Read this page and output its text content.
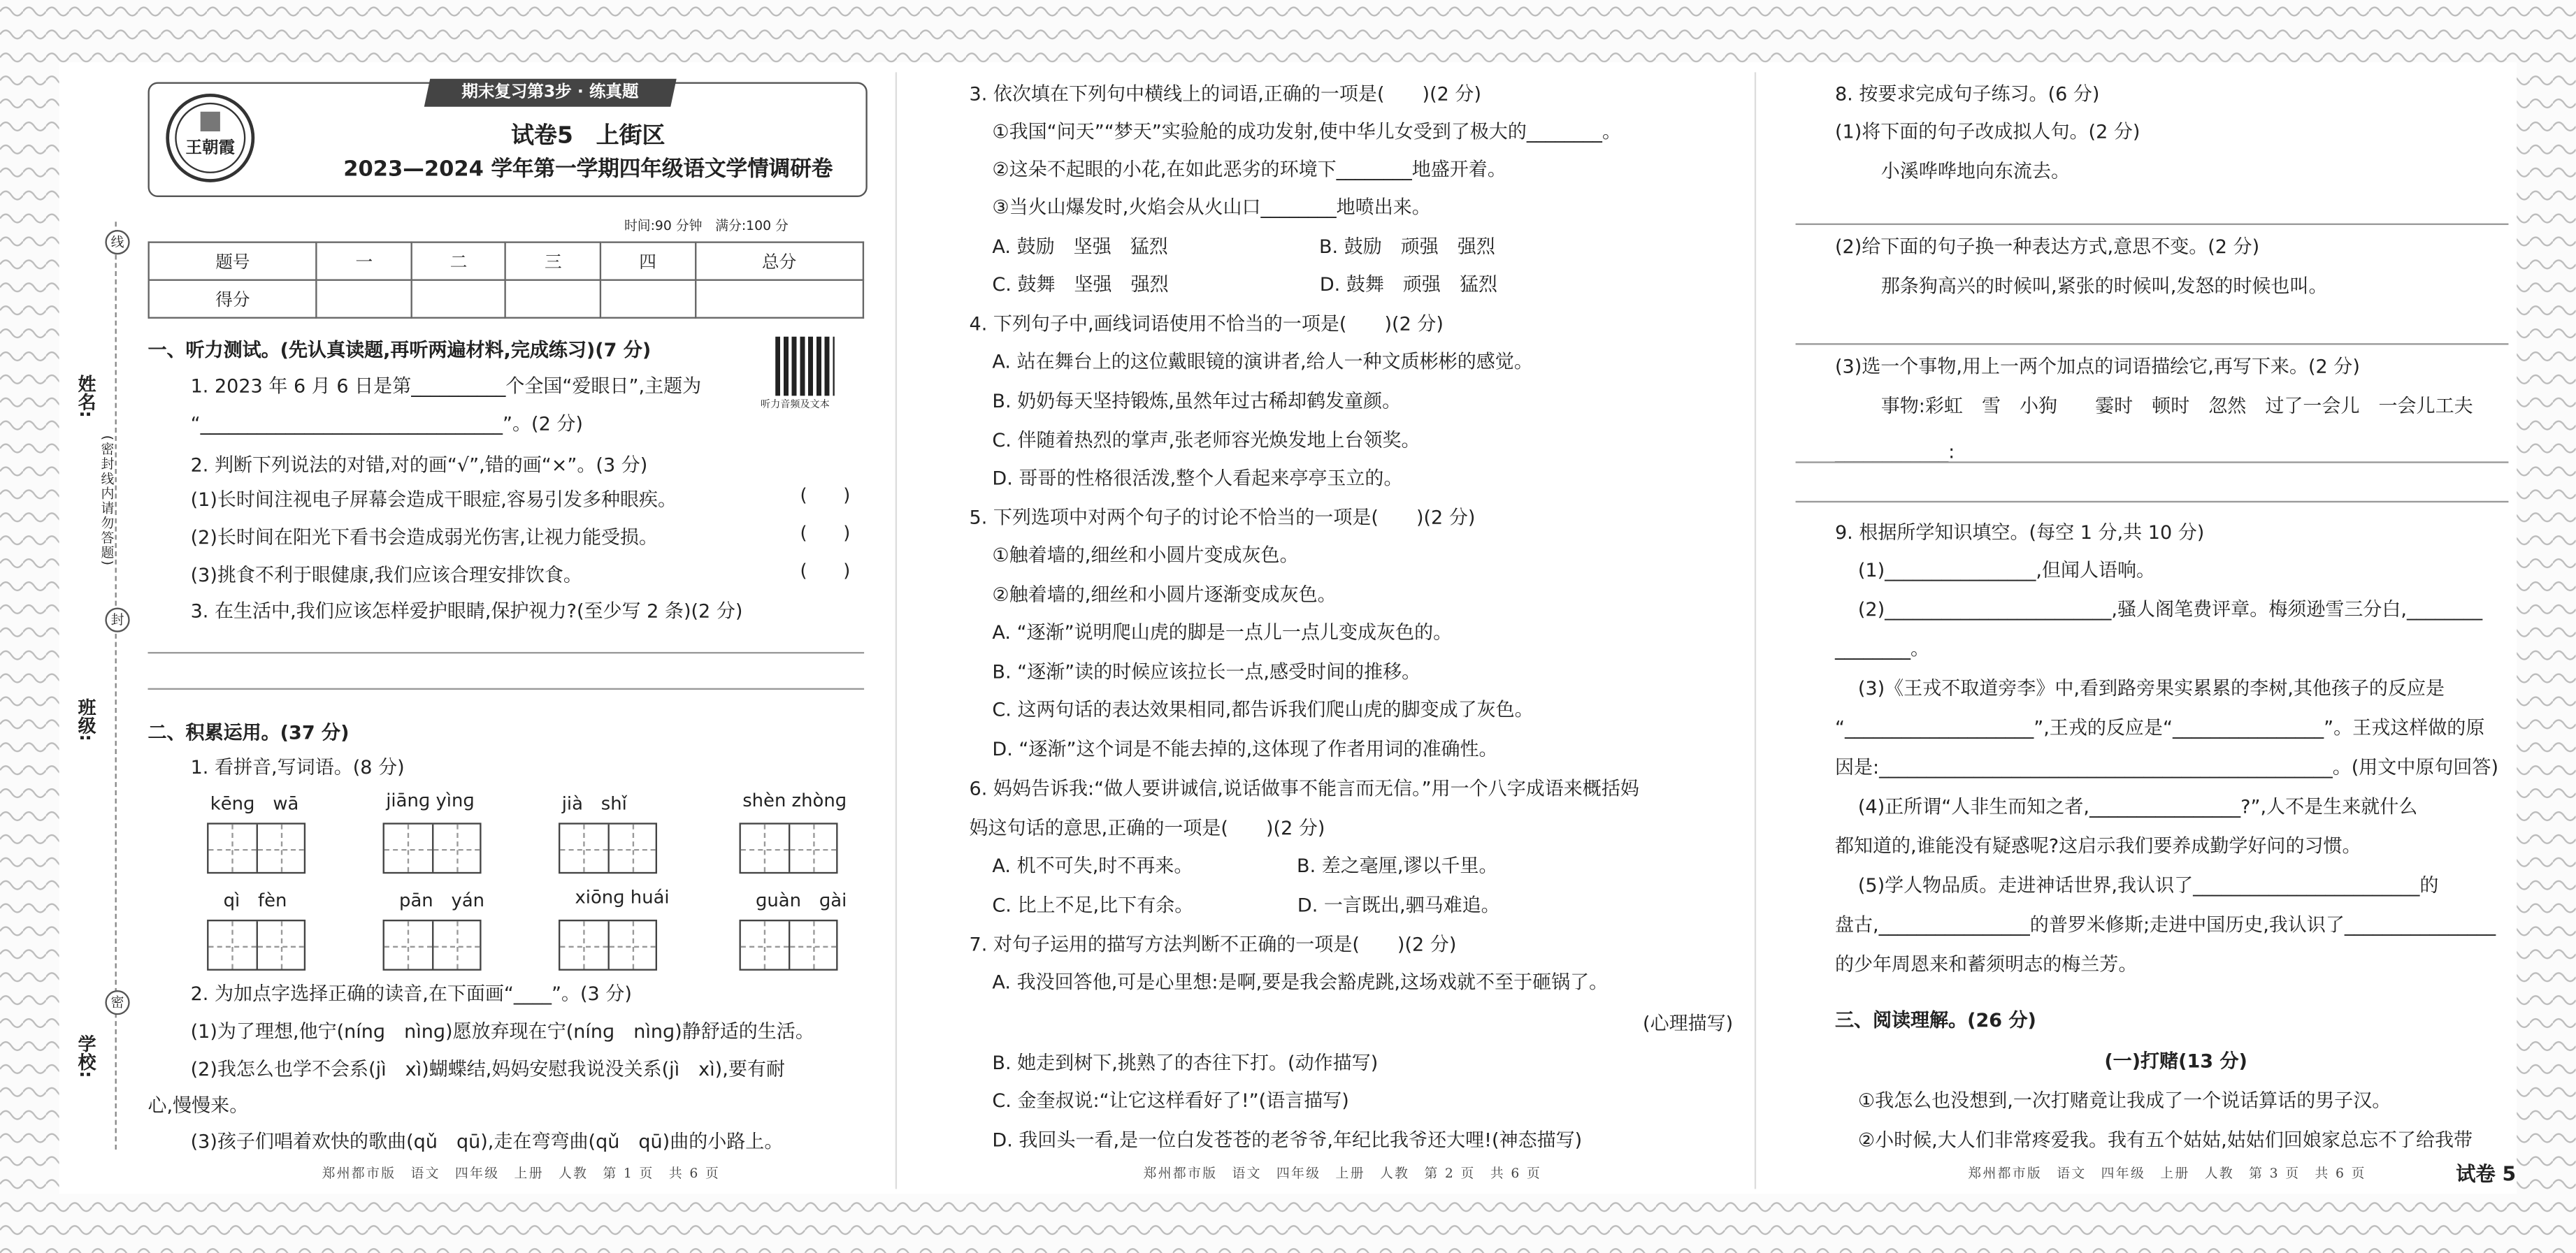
王朝霞
期末复习第3步 · 练真题
试卷5　上街区
2023—2024 学年第一学期四年级语文学情调研卷
时间:90 分钟　满分:100 分
题号	一	二	三	四	总分
得分					
线
封
密
姓名:
班级:
学校:
(密封线内请勿答题)
听力音频及文本
一、听力测试。(先认真读题,再听两遍材料,完成练习)(7 分)
1. 2023 年 6 月 6 日是第__________个全国“爱眼日”,主题为
“________________________________”。(2 分)
2. 判断下列说法的对错,对的画“√”,错的画“×”。(3 分)
(1)长时间注视电子屏幕会造成干眼症,容易引发多种眼疾。
(2)长时间在阳光下看书会造成弱光伤害,让视力能受损。
(3)挑食不利于眼健康,我们应该合理安排饮食。
3. 在生活中,我们应该怎样爱护眼睛,保护视力?(至少写 2 条)(2 分)
二、积累运用。(37 分)
1. 看拼音,写词语。(8 分)
2. 为加点字选择正确的读音,在下面画“____”。(3 分)
(1)为了理想,他宁(nínɡ　nìnɡ)愿放弃现在宁(nínɡ　nìnɡ)静舒适的生活。
(2)我怎么也学不会系(jì　xì)蝴蝶结,妈妈安慰我说没关系(jì　xì),要有耐
心,慢慢来。
(3)孩子们唱着欢快的歌曲(qǔ　qū),走在弯弯曲(qǔ　qū)曲的小路上。
3. 依次填在下列句中横线上的词语,正确的一项是(　　)(2 分)
①我国“问天”“梦天”实验舱的成功发射,使中华儿女受到了极大的________。
②这朵不起眼的小花,在如此恶劣的环境下________地盛开着。
③当火山爆发时,火焰会从火山口________地喷出来。
A. 鼓励　坚强　猛烈　　　　　　　　B. 鼓励　顽强　强烈
C. 鼓舞　坚强　强烈　　　　　　　　D. 鼓舞　顽强　猛烈
4. 下列句子中,画线词语使用不恰当的一项是(　　)(2 分)
A. 站在舞台上的这位戴眼镜的演讲者,给人一种文质彬彬的感觉。
B. 奶奶每天坚持锻炼,虽然年过古稀却鹤发童颜。
C. 伴随着热烈的掌声,张老师容光焕发地上台领奖。
D. 哥哥的性格很活泼,整个人看起来亭亭玉立的。
5. 下列选项中对两个句子的讨论不恰当的一项是(　　)(2 分)
①触着墙的,细丝和小圆片变成灰色。
②触着墙的,细丝和小圆片逐渐变成灰色。
A. “逐渐”说明爬山虎的脚是一点儿一点儿变成灰色的。
B. “逐渐”读的时候应该拉长一点,感受时间的推移。
C. 这两句话的表达效果相同,都告诉我们爬山虎的脚变成了灰色。
D. “逐渐”这个词是不能去掉的,这体现了作者用词的准确性。
6. 妈妈告诉我:“做人要讲诚信,说话做事不能言而无信。”用一个八字成语来概括妈
妈这句话的意思,正确的一项是(　　)(2 分)
A. 机不可失,时不再来。　　　　　　B. 差之毫厘,谬以千里。
C. 比上不足,比下有余。　　　　　　D. 一言既出,驷马难追。
7. 对句子运用的描写方法判断不正确的一项是(　　)(2 分)
A. 我没回答他,可是心里想:是啊,要是我会豁虎跳,这场戏就不至于砸锅了。
(心理描写)
B. 她走到树下,挑熟了的杏往下打。(动作描写)
C. 金奎叔说:“让它这样看好了!”(语言描写)
D. 我回头一看,是一位白发苍苍的老爷爷,年纪比我爷还大哩!(神态描写)
8. 按要求完成句子练习。(6 分)
(1)将下面的句子改成拟人句。(2 分)
小溪哗哗地向东流去。
(2)给下面的句子换一种表达方式,意思不变。(2 分)
那条狗高兴的时候叫,紧张的时候叫,发怒的时候也叫。
(3)选一个事物,用上一两个加点的词语描绘它,再写下来。(2 分)
事物:彩虹　雪　小狗　　霎时　顿时　忽然　过了一会儿　一会儿工夫
____________:
9. 根据所学知识填空。(每空 1 分,共 10 分)
(1)________________,但闻人语响。
(2)________________________,骚人阁笔费评章。梅须逊雪三分白,________
________。
(3)《王戎不取道旁李》中,看到路旁果实累累的李树,其他孩子的反应是
“____________________”,王戎的反应是“________________”。王戎这样做的原
因是:________________________________________________。(用文中原句回答)
(4)正所谓“人非生而知之者,________________?”,人不是生来就什么
都知道的,谁能没有疑惑呢?这启示我们要养成勤学好问的习惯。
(5)学人物品质。走进神话世界,我认识了________________________的
盘古,________________的普罗米修斯;走进中国历史,我认识了________________
的少年周恩来和蓄须明志的梅兰芳。
三、阅读理解。(26 分)
(一)打赌(13 分)
①我怎么也没想到,一次打赌竟让我成了一个说话算话的男子汉。
②小时候,大人们非常疼爱我。我有五个姑姑,姑姑们回娘家总忘不了给我带
郑州都市版　语文　四年级　上册　人教　第 1 页　共 6 页	郑州都市版　语文　四年级　上册　人教　第 2 页　共 6 页	郑州都市版　语文　四年级　上册　人教　第 3 页　共 6 页	试卷 5
(　　)
(　　)
(　　)
kēnɡ　wā	jiānɡ yìnɡ	jià　shǐ	shèn zhònɡ
qì　fèn	pān　yán	xiōnɡ huái	ɡuàn　ɡài
